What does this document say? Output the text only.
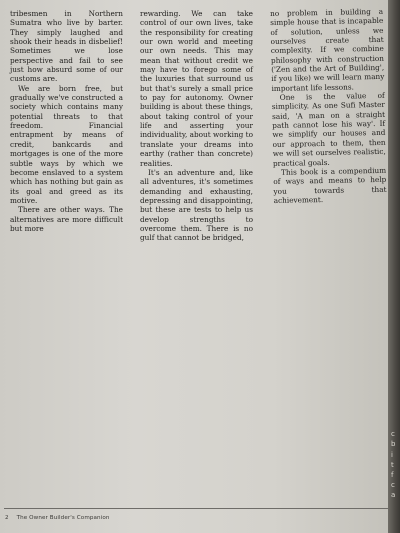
tribesmen in Northern Sumatra who live by barter. They simply laughed and shook their heads in disbelief! Sometimes we lose perspective and fail to see just how absurd some of our customs are.

We are born free, but gradually we've constructed a society which contains many potential threats to that freedom. Financial entrapment by means of credit, bankcards and mortgages is one of the more subtle ways by which we become enslaved to a system which has nothing but gain as its goal and greed as its motive.

There are other ways. The alternatives are more difficult but more

rewarding. We can take control of our own lives, take the responsibility for creating our own world and meeting our own needs. This may mean that without credit we may have to forego some of the luxuries that surround us but that's surely a small price to pay for autonomy. Owner building is about these things, about taking control of your life and asserting your individuality, about working to translate your dreams into earthy (rather than concrete) realities.

It's an adventure and, like all adventures, it's sometimes demanding and exhausting, depressing and disappointing, but these are tests to help us develop strengths to overcome them. There is no gulf that cannot be bridged,

no problem in building a simple house that is incapable of solution, unless we ourselves create that complexity. If we combine philosophy with construction ('Zen and the Art of Building', if you like) we will learn many important life lessons.

One is the value of simplicity. As one Sufi Master said, 'A man on a straight path cannot lose his way'. If we simplify our houses and our approach to them, then we will set ourselves realistic, practical goals.

This book is a compendium of ways and means to help you towards that achievement.

2 The Owner Builder's Companion
c
b
i
t
f
c
a
